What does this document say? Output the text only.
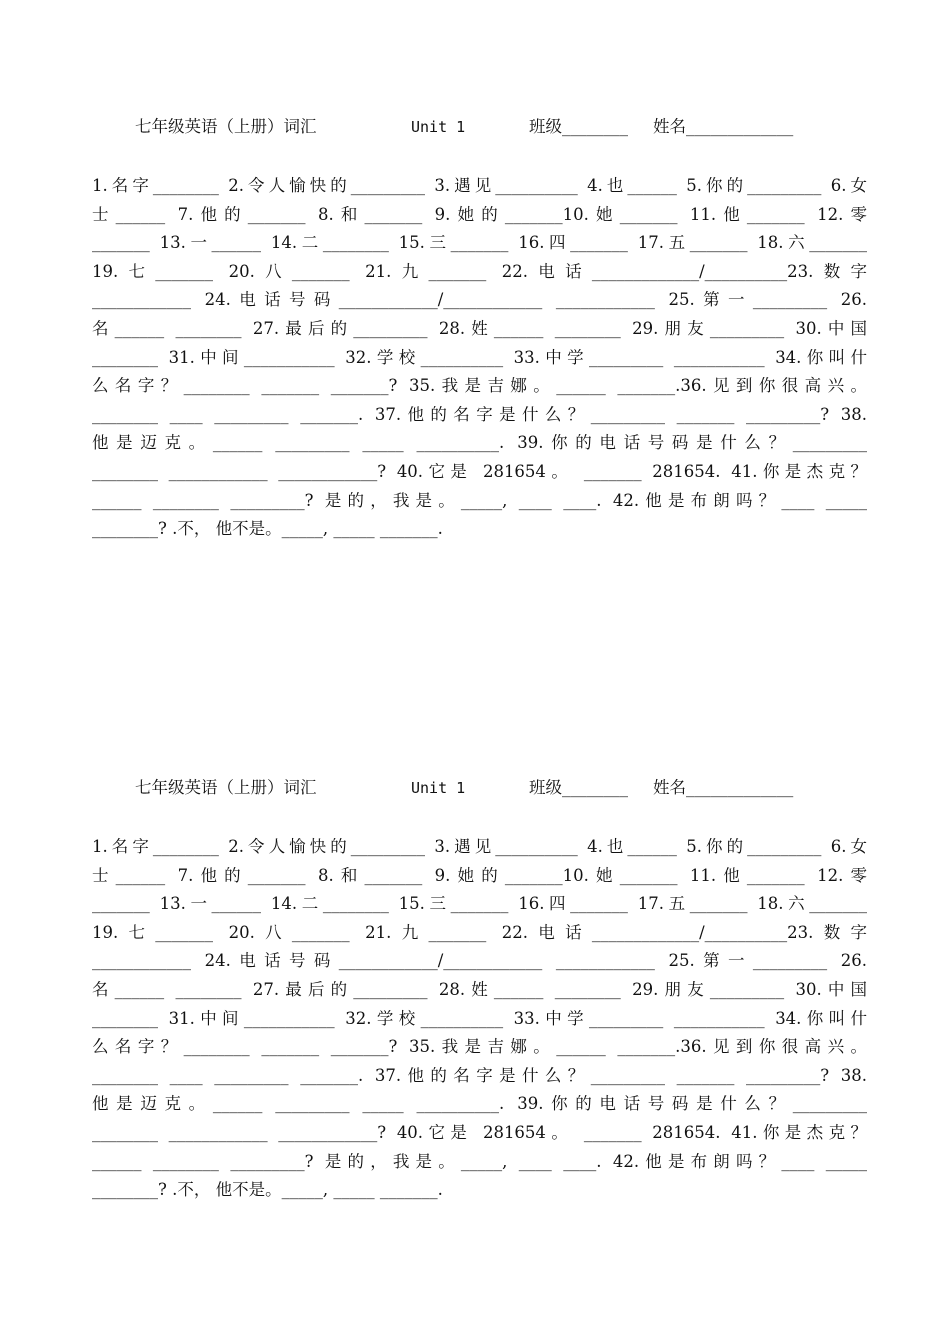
七年级英语（上册）词汇	Unit 1	班级________ 姓名_____________
1.名字________ 2.令人愉快的_________ 3.遇见__________ 4.也______ 5.你的_________ 6.女
士______ 7.他的_______ 8.和_______ 9.她的_______10.她_______ 11.他_______ 12.零
_______ 13.一______ 14.二________ 15.三_______ 16.四_______ 17.五_______ 18.六_______
19.七_______ 20.八_______ 21.九_______ 22.电话_____________/__________23.数字
____________ 24.电话号码____________/____________ ____________ 25.第一_________ 26.
名______ ________ 27.最后的_________ 28.姓______ ________ 29.朋友_________ 30.中国
________ 31.中间___________ 32.学校__________ 33.中学_________ ___________ 34.你叫什
么名字？________ _______ _______? 35.我是吉娜。______ _______.36.见到你很高兴。
________ ____ _________ _______. 37.他的名字是什么？_________ _______ _________? 38.
他是迈克。______ _________ _____ __________. 39.你的电话号码是什么？_________
________ ____________ ____________? 40.它是 281654。 _______ 281654. 41.你是杰克？
______ ________ _________? 是的，我是。_____, ____ ____. 42.他是布朗吗？____ _____
________? .不， 他不是。_____, _____ _______.
七年级英语（上册）词汇	Unit 1	班级________ 姓名_____________
1.名字________ 2.令人愉快的_________ 3.遇见__________ 4.也______ 5.你的_________ 6.女
士______ 7.他的_______ 8.和_______ 9.她的_______10.她_______ 11.他_______ 12.零
_______ 13.一______ 14.二________ 15.三_______ 16.四_______ 17.五_______ 18.六_______
19.七_______ 20.八_______ 21.九_______ 22.电话_____________/__________23.数字
____________ 24.电话号码____________/____________ ____________ 25.第一_________ 26.
名______ ________ 27.最后的_________ 28.姓______ ________ 29.朋友_________ 30.中国
________ 31.中间___________ 32.学校__________ 33.中学_________ ___________ 34.你叫什
么名字？________ _______ _______? 35.我是吉娜。______ _______.36.见到你很高兴。
________ ____ _________ _______. 37.他的名字是什么？_________ _______ _________? 38.
他是迈克。______ _________ _____ __________. 39.你的电话号码是什么？_________
________ ____________ ____________? 40.它是 281654。 _______ 281654. 41.你是杰克？
______ ________ _________? 是的，我是。_____, ____ ____. 42.他是布朗吗？____ _____
________? .不， 他不是。_____, _____ _______.
